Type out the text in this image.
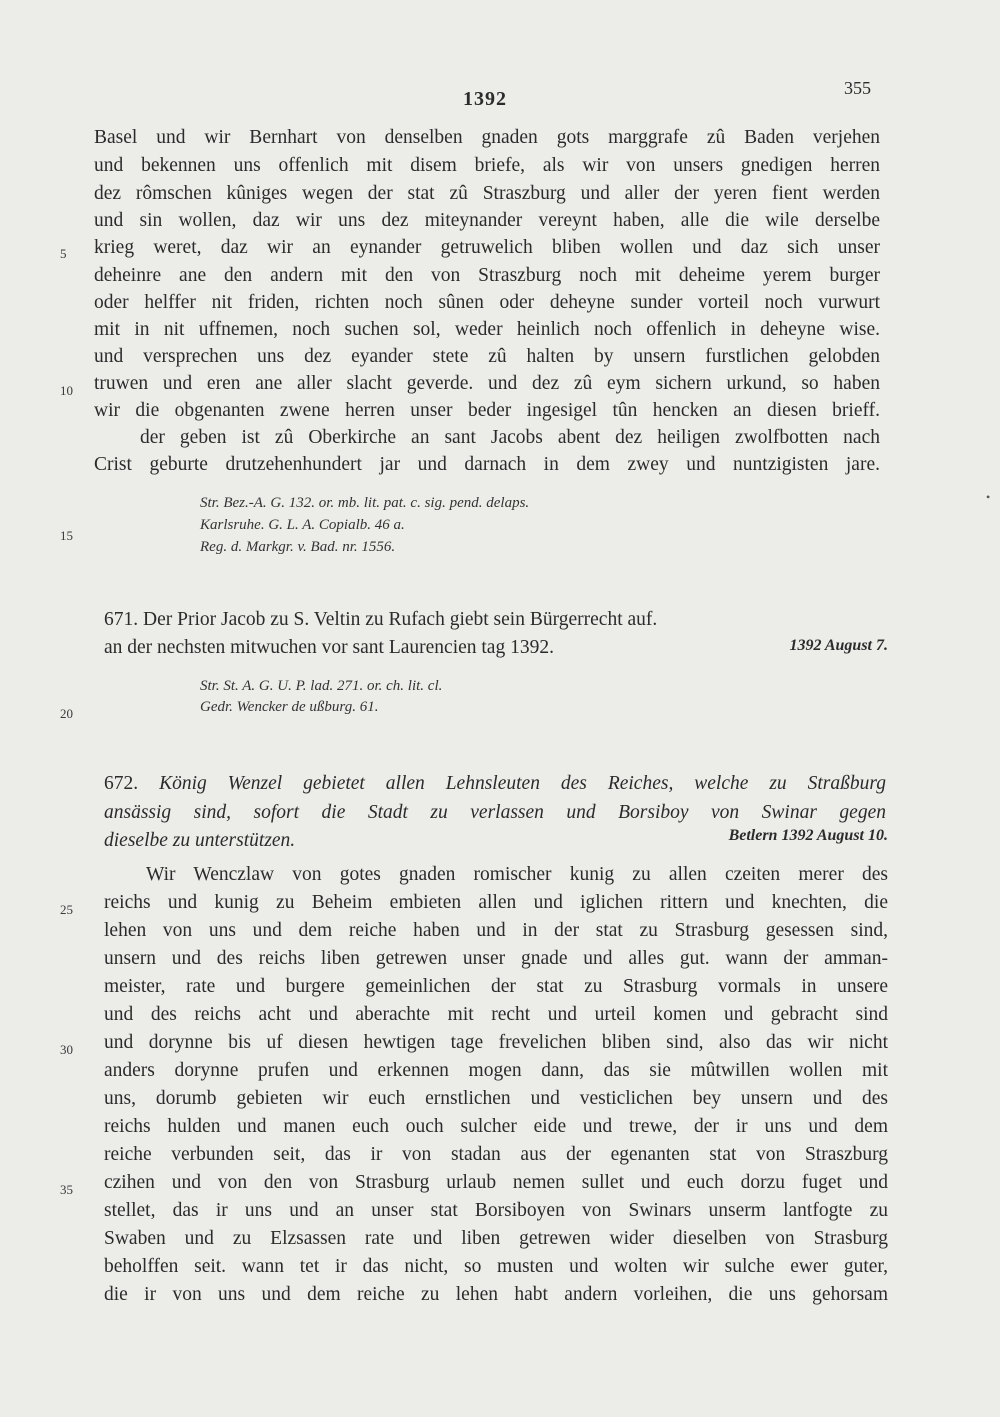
1392	355
Basel und wir Bernhart von denselben gnaden gots marggrafe zû Baden verjehen
und bekennen uns offenlich mit disem briefe, als wir von unsers gnedigen herren
dez rômschen kûniges wegen der stat zû Straszburg und aller der yeren fient werden
und sin wollen, daz wir uns dez miteynander vereynt haben, alle die wile derselbe
krieg weret, daz wir an eynander getruwelich bliben wollen und daz sich unser
deheinre ane den andern mit den von Straszburg noch mit deheime yerem burger
oder helffer nit friden, richten noch sûnen oder deheyne sunder vorteil noch vurwurt
mit in nit uffnemen, noch suchen sol, weder heinlich noch offenlich in deheyne wise.
und versprechen uns dez eyander stete zû halten by unsern furstlichen gelobden
truwen und eren ane aller slacht geverde. und dez zû eym sichern urkund, so haben
wir die obgenanten zwene herren unser beder ingesigel tûn hencken an diesen brieff.
der geben ist zû Oberkirche an sant Jacobs abent dez heiligen zwolfbotten nach
Crist geburte drutzehenhundert jar und darnach in dem zwey und nuntzigisten jare.
5
10
15
Str. Bez.-A. G. 132. or. mb. lit. pat. c. sig. pend. delaps.
Karlsruhe. G. L. A. Copialb. 46 a.
Reg. d. Markgr. v. Bad. nr. 1556.
•
671. Der Prior Jacob zu S. Veltin zu Rufach giebt sein Bürgerrecht auf.
an der nechsten mitwuchen vor sant Laurencien tag 1392.	1392 August 7.
Str. St. A. G. U. P. lad. 271. or. ch. lit. cl.
Gedr. Wencker de ußburg. 61.
20
672. König Wenzel gebietet allen Lehnsleuten des Reiches, welche zu Straßburg
ansässig sind, sofort die Stadt zu verlassen und Borsiboy von Swinar gegen
dieselbe zu unterstützen.	Betlern 1392 August 10.
Wir Wenczlaw von gotes gnaden romischer kunig zu allen czeiten merer des
reichs und kunig zu Beheim embieten allen und iglichen rittern und knechten, die
lehen von uns und dem reiche haben und in der stat zu Strasburg gesessen sind,
unsern und des reichs liben getrewen unser gnade und alles gut. wann der amman-
meister, rate und burgere gemeinlichen der stat zu Strasburg vormals in unsere
und des reichs acht und aberachte mit recht und urteil komen und gebracht sind
und dorynne bis uf diesen hewtigen tage frevelichen bliben sind, also das wir nicht
anders dorynne prufen und erkennen mogen dann, das sie mûtwillen wollen mit
uns, dorumb gebieten wir euch ernstlichen und vesticlichen bey unsern und des
reichs hulden und manen euch ouch sulcher eide und trewe, der ir uns und dem
reiche verbunden seit, das ir von stadan aus der egenanten stat von Straszburg
czihen und von den von Strasburg urlaub nemen sullet und euch dorzu fuget und
stellet, das ir uns und an unser stat Borsiboyen von Swinars unserm lantfogte zu
Swaben und zu Elzsassen rate und liben getrewen wider dieselben von Strasburg
beholffen seit. wann tet ir das nicht, so musten und wolten wir sulche ewer guter,
die ir von uns und dem reiche zu lehen habt andern vorleihen, die uns gehorsam
25
30
35
